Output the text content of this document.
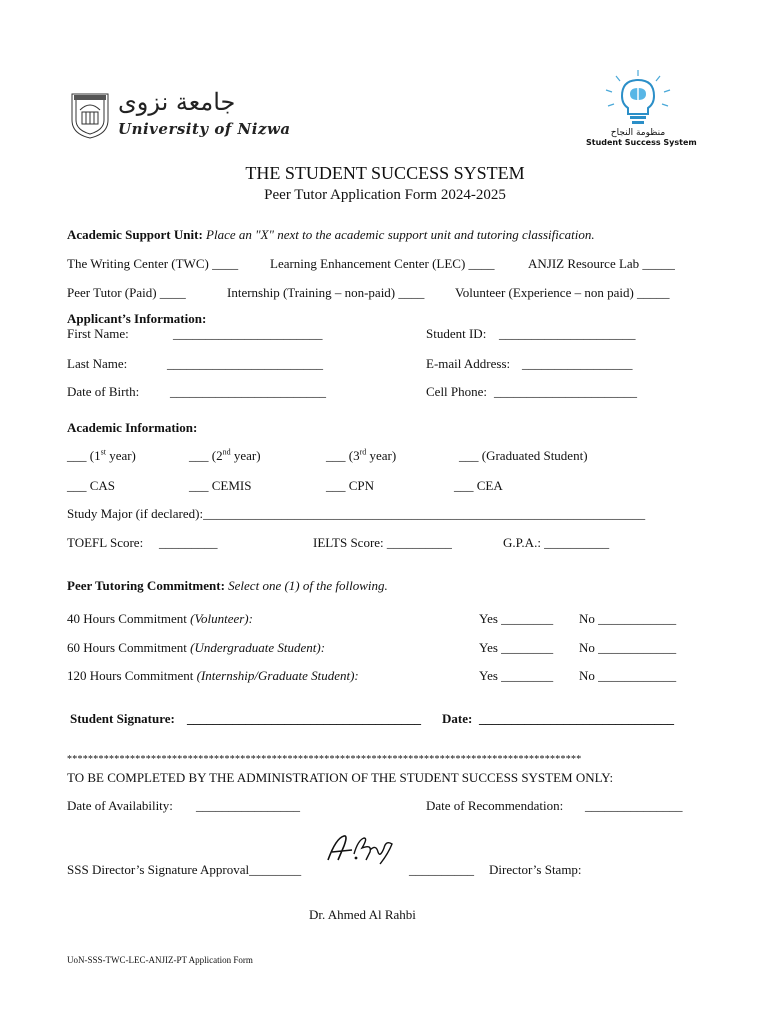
جامعة نزوى
University of Nizwa	منظومة النجاح
Student Success System
THE STUDENT SUCCESS SYSTEM
Peer Tutor Application Form 2024-2025
Academic Support Unit: Place an "X" next to the academic support unit and tutoring classification.
The Writing Center (TWC) ____ Learning Enhancement Center (LEC) ____	ANJIZ Resource Lab _____
Peer Tutor (Paid) ____	Internship (Training – non-paid) ____ Volunteer (Experience – non paid) _____
Applicant’s Information:
First Name:	_______________________	Student ID: _____________________
Last Name:	________________________	E-mail Address: _________________
Date of Birth: ________________________	Cell Phone: ______________________
Academic Information:
___ (1st year)	___ (2nd year)	___ (3rd year)	___ (Graduated Student)
___ CAS	___ CEMIS	___ CPN	___ CEA
Study Major (if declared):____________________________________________________________________
TOEFL Score: _________	IELTS Score: __________	G.P.A.: __________
Peer Tutoring Commitment: Select one (1) of the following.
40 Hours Commitment (Volunteer):	Yes ________ No ____________
60 Hours Commitment (Undergraduate Student):	Yes ________ No ____________
120 Hours Commitment (Internship/Graduate Student):	Yes ________ No ____________
Student Signature: ____________________________________ Date: ______________________________
**************************************************************************************************
TO BE COMPLETED BY THE ADMINISTRATION OF THE STUDENT SUCCESS SYSTEM ONLY:
Date of Availability: ________________	Date of Recommendation: _______________
SSS Director’s Signature Approval________	__________ Director’s Stamp:
Dr. Ahmed Al Rahbi
UoN-SSS-TWC-LEC-ANJIZ-PT Application Form
